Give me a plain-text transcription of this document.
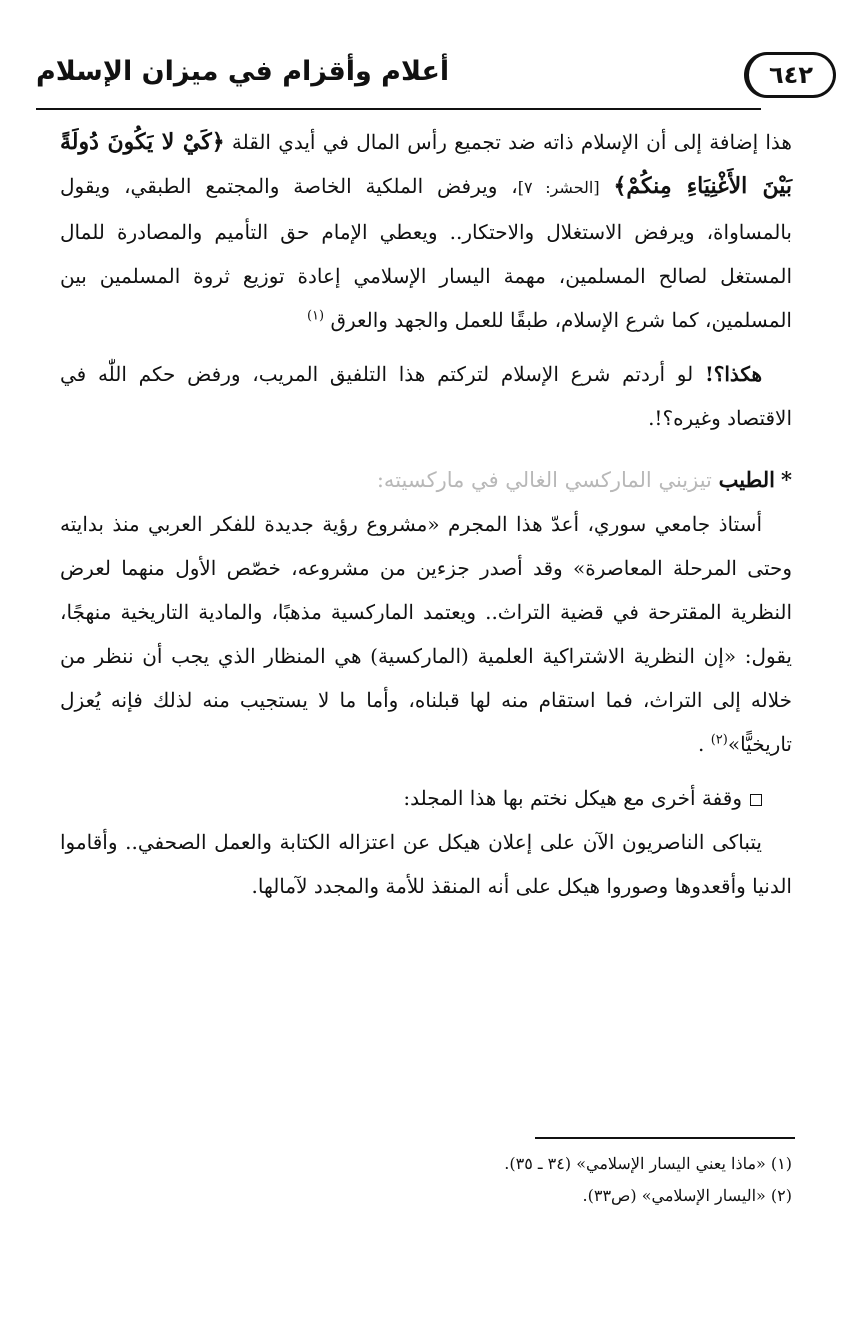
٦٤٢
أعلام وأقزام في ميزان الإسلام

هذا إضافة إلى أن الإسلام ذاته ضد تجميع رأس المال في أيدي القلة ﴿كَيْ لا يَكُونَ دُولَةً بَيْنَ الأَغْنِيَاءِ مِنكُمْ﴾ [الحشر: ٧]، ويرفض الملكية الخاصة والمجتمع الطبقي، ويقول بالمساواة، ويرفض الاستغلال والاحتكار.. ويعطي الإمام حق التأميم والمصادرة للمال المستغل لصالح المسلمين، مهمة اليسار الإسلامي إعادة توزيع ثروة المسلمين بين المسلمين، كما شرع الإسلام، طبقًا للعمل والجهد والعرق $^{(١)}$

هكذا؟! لو أردتم شرع الإسلام لتركتم هذا التلفيق المريب، ورفض حكم اللّٰه في الاقتصاد وغيره؟!.

*الطيب تيزيني الماركسي الغالي في ماركسيته:

أستاذ جامعي سوري، أعدّ هذا المجرم «مشروع رؤية جديدة للفكر العربي منذ بدايته وحتى المرحلة المعاصرة» وقد أصدر جزءين من مشروعه، خصّص الأول منهما لعرض النظرية المقترحة في قضية التراث.. ويعتمد الماركسية مذهبًا، والمادية التاريخية منهجًا، يقول: «إن النظرية الاشتراكية العلمية (الماركسية) هي المنظار الذي يجب أن ننظر من خلاله إلى التراث، فما استقام منه لها قبلناه، وأما ما لا يستجيب منه لذلك فإنه يُعزل تاريخيًّا»$^{(٢)}$ .

وقفة أخرى مع هيكل نختم بها هذا المجلد:

يتباكى الناصريون الآن على إعلان هيكل عن اعتزاله الكتابة والعمل الصحفي.. وأقاموا الدنيا وأقعدوها وصوروا هيكل على أنه المنقذ للأمة والمجدد لآمالها.

(١) «ماذا يعني اليسار الإسلامي» (٣٤ ـ ٣٥).
(٢) «اليسار الإسلامي» (ص٣٣).
